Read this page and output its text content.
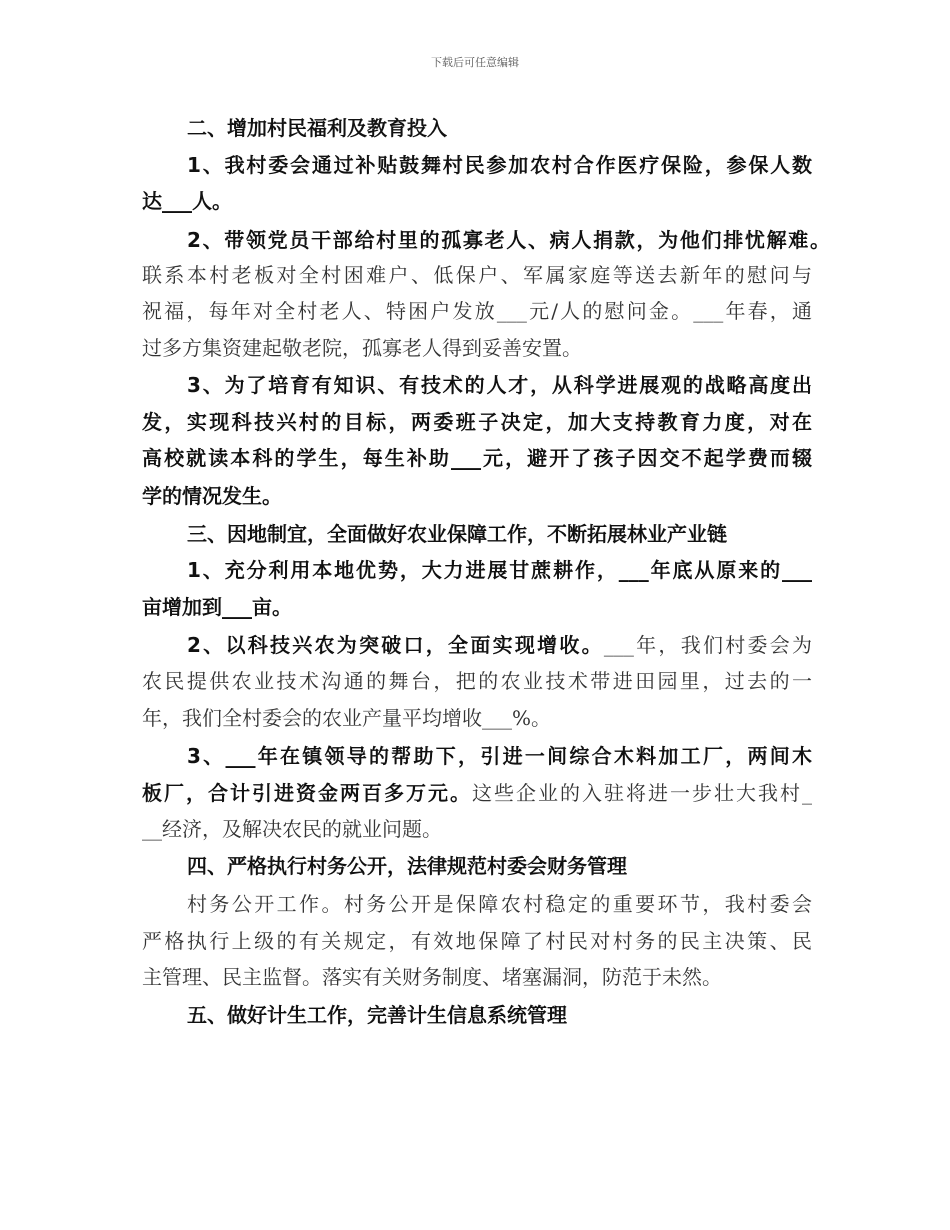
下载后可任意编辑
二、增加村民福利及教育投入
1、我村委会通过补贴鼓舞村民参加农村合作医疗保险，参保人数
达___人。
2、带领党员干部给村里的孤寡老人、病人捐款，为他们排忧解难。
联系本村老板对全村困难户、低保户、军属家庭等送去新年的慰问与
祝福，每年对全村老人、特困户发放___元/人的慰问金。___年春，通
过多方集资建起敬老院，孤寡老人得到妥善安置。
3、为了培育有知识、有技术的人才，从科学进展观的战略高度出
发，实现科技兴村的目标，两委班子决定，加大支持教育力度，对在
高校就读本科的学生，每生补助___元，避开了孩子因交不起学费而辍
学的情况发生。
三、因地制宜，全面做好农业保障工作，不断拓展林业产业链
1、充分利用本地优势，大力进展甘蔗耕作，___年底从原来的___
亩增加到___亩。
2、以科技兴农为突破口，全面实现增收。___年，我们村委会为
农民提供农业技术沟通的舞台，把的农业技术带进田园里，过去的一
年，我们全村委会的农业产量平均增收___%。
3、___年在镇领导的帮助下，引进一间综合木料加工厂，两间木
板厂，合计引进资金两百多万元。这些企业的入驻将进一步壮大我村_
__经济，及解决农民的就业问题。
四、严格执行村务公开，法律规范村委会财务管理
村务公开工作。村务公开是保障农村稳定的重要环节，我村委会
严格执行上级的有关规定，有效地保障了村民对村务的民主决策、民
主管理、民主监督。落实有关财务制度、堵塞漏洞，防范于未然。
五、做好计生工作，完善计生信息系统管理
